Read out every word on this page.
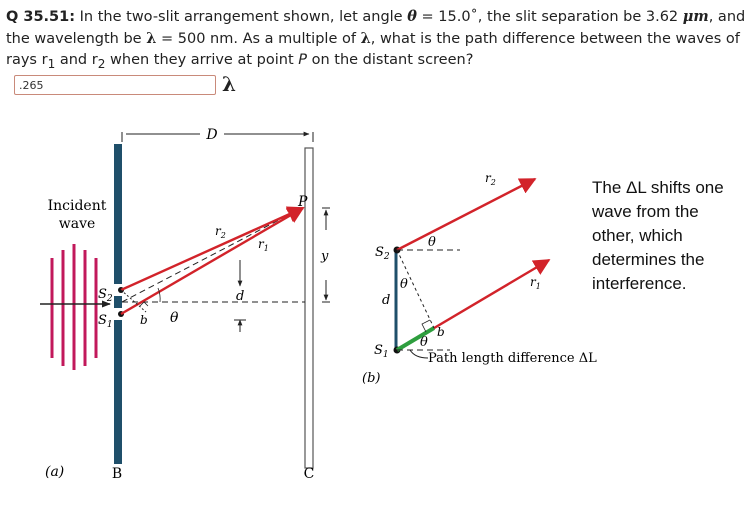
Q 35.51: In the two-slit arrangement shown, let angle θ = 15.0˚, the slit separation be 3.62 μm, and the wavelength be λ = 500 nm. As a multiple of λ, what is the path difference between the waves of rays $r_1$ and $r_2$ when they arrive at point P on the distant screen?
.265
λ
Incident
wave
$S_2$
$S_1$
B	C
D
P
$r_2$
$r_1$
b θ
d
y
(a)
$S_2$
$S_1$
d
θ
θ
θ
b
$r_2$
$r_1$
Path length difference ΔL
(b)
The ΔL shifts one wave from the other, which determines the interference.
